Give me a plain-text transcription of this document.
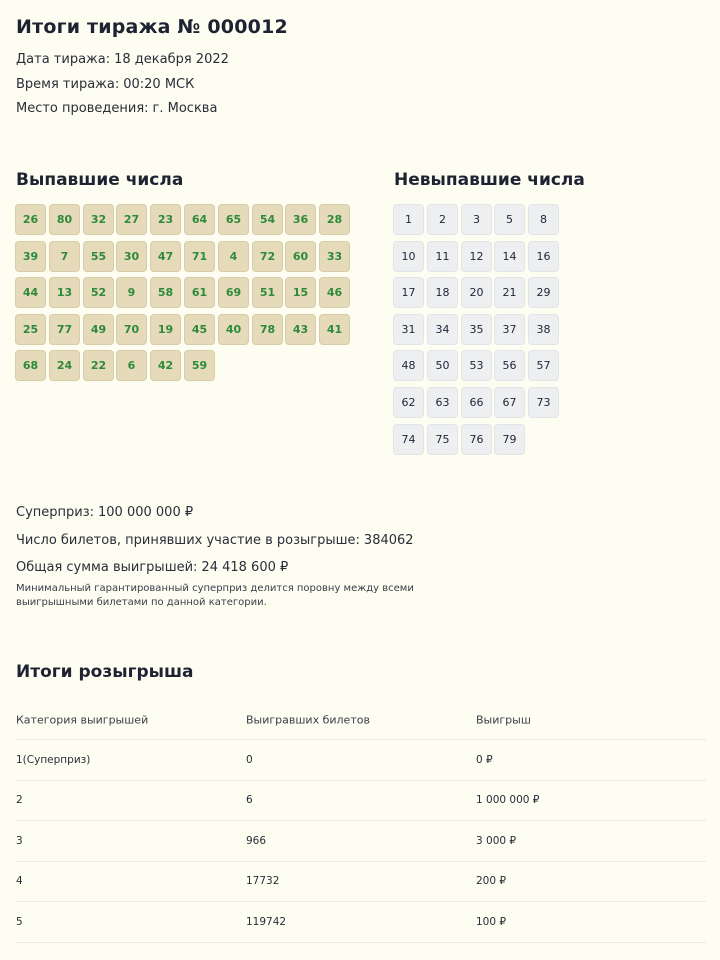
Итоги тиража № 000012
Дата тиража: 18 декабря 2022
Время тиража: 00:20 МСК
Место проведения: г. Москва
Выпавшие числа	Невыпавшие числа
26	80	32	27	23	64	65	54	36	28
39	7	55	30	47	71	4	72	60	33
44	13	52	9	58	61	69	51	15	46
25	77	49	70	19	45	40	78	43	41
68	24	22	6	42	59
1	2	3	5	8
10	11	12	14	16
17	18	20	21	29
31	34	35	37	38
48	50	53	56	57
62	63	66	67	73
74	75	76	79
Суперприз: 100 000 000 ₽
Число билетов, принявших участие в розыгрыше: 384062
Общая сумма выигрышей: 24 418 600 ₽
Минимальный гарантированный суперприз делится поровну между всеми выигрышными билетами по данной категории.
Итоги розыгрыша
Категория выигрышей	Выигравших билетов	Выигрыш
1(Суперприз)	0	0 ₽
2	6	1 000 000 ₽
3	966	3 000 ₽
4	17732	200 ₽
5	119742	100 ₽
